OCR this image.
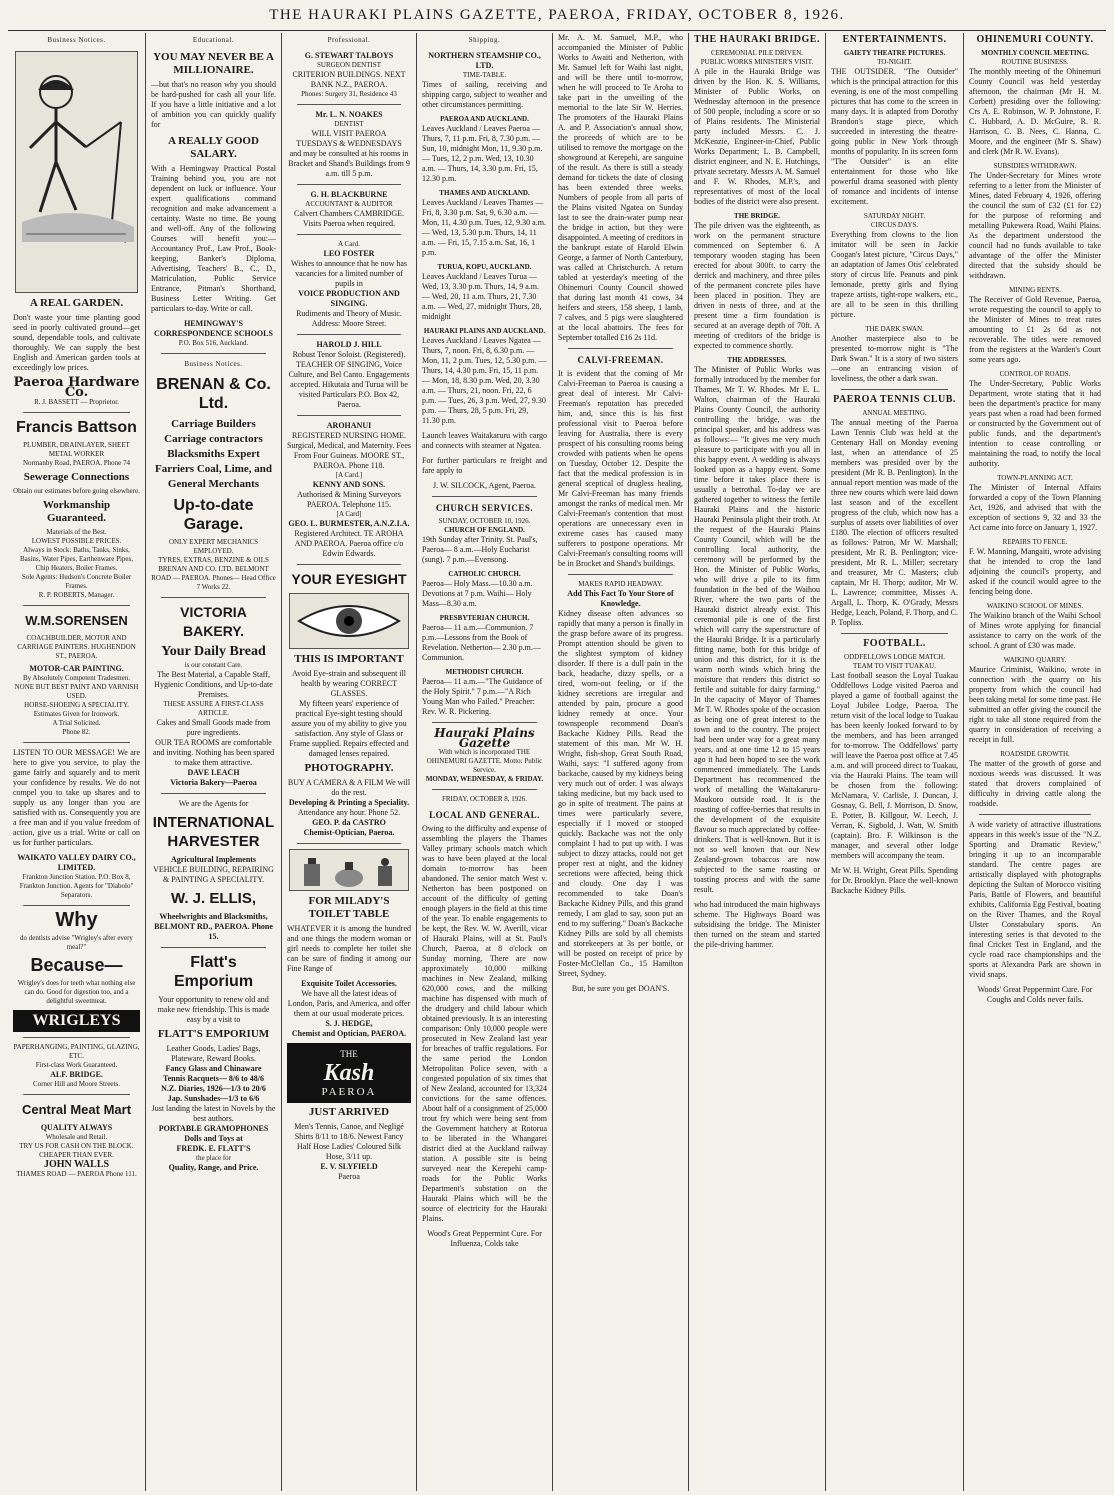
THE HAURAKI PLAINS GAZETTE, PAEROA, FRIDAY, OCTOBER 8, 1926.
Business Notices.
A REAL GARDEN.

Don't waste your time planting good seed in poorly cultivated ground—get sound, dependable tools, and cultivate thoroughly. We can supply the best English and American garden tools at exceedingly low prices.

Paeroa Hardware Co.
R. J. BASSETT — Proprietor.
Francis Battson
PLUMBER, DRAINLAYER, SHEET METAL WORKER
Normanby Road, PAEROA. Phone 74
Sewerage Connections
Obtain our estimates before going elsewhere.
Workmanship Guaranteed.
Materials of the Best.
LOWEST POSSIBLE PRICES.
Always in Stock: Baths, Tanks, Sinks, Basins, Water Pipes, Earthenware Pipes, Chip Heaters, Boiler Frames.
Sole Agents: Hudson's Concrete Boiler Frames.
R. P. ROBERTS, Manager.
W.M.SORENSEN
COACHBUILDER, MOTOR AND CARRIAGE PAINTERS. HUGHENDON ST., PAEROA.
MOTOR-CAR PAINTING.
By Absolutely Competent Tradesmen.
NONE BUT BEST PAINT AND VARNISH USED.
HORSE-SHOEING A SPECIALITY.
Estimates Given for Ironwork.
A Trial Solicited.
Phone 82.

LISTEN TO OUR MESSAGE! We are here to give you service, to play the game fairly and squarely and to merit your confidence by results. We do not compel you to take up shares and to supply us any longer than you are satisfied with us. Consequently you are a free man and if you value freedom of action, give us a trial. Write or call on us for further particulars.

WAIKATO VALLEY DAIRY CO., LIMITED.
Frankton Junction Station. P.O. Box 8, Frankton Junction. Agents for "Diabolo" Separators.
Why
do dentists advise "Wrigley's after every meal?"
Because—
Wrigley's does for teeth what nothing else can do. Good for digestion too, and a delightful sweetmeat.
WRIGLEYS
PAPERHANGING, PAINTING, GLAZING, ETC.
First-class Work Guaranteed.
ALF. BRIDGE.
Corner Hill and Moore Streets.
Central Meat Mart
QUALITY ALWAYS
Wholesale and Retail.
TRY US FOR CASH ON THE BLOCK. CHEAPER THAN EVER.
JOHN WALLS
THAMES ROAD — PAEROA Phone 111.
Educational.
YOU MAY NEVER BE A MILLIONAIRE.

—but that's no reason why you should be hard-pushed for cash all your life. If you have a little initiative and a lot of ambition you can quickly qualify for

A REALLY GOOD SALARY.

With a Hemingway Practical Postal Training behind you, you are not dependent on luck or influence. Your expert qualifications command recognition and make advancement a certainty. Waste no time. Be young and well-off. Any of the following Courses will benefit you:— Accountancy Prof., Law Prof., Book-keeping, Banker's Diploma, Advertising, Teachers' B., C., D., Matriculation, Public Service Entrance, Pitman's Shorthand, Business Letter Writing. Get particulars to-day. Write or call.

HEMINGWAY'S CORRESPONDENCE SCHOOLS
P.O. Box 516, Auckland.
Business Notices.
BRENAN & Co. Ltd.
Carriage Builders Carriage contractors Blacksmiths Expert Farriers Coal, Lime, and General Merchants
Up-to-date Garage.
ONLY EXPERT MECHANICS EMPLOYED.
TYRES, EXTRAS, BENZINE & OILS
BRENAN AND CO. LTD. BELMONT ROAD — PAEROA. Phones— Head Office 7 Works 22.
VICTORIA BAKERY.
Your Daily Bread
is our constant Care.
The Best Material, a Capable Staff, Hygienic Conditions, and Up-to-date Premises.
THESE ASSURE A FIRST-CLASS ARTICLE.
Cakes and Small Goods made from pure ingredients.
OUR TEA ROOMS are comfortable and inviting. Nothing has been spared to make them attractive.
DAVE LEACH
Victoria Bakery—Paeroa
We are the Agents for
INTERNATIONAL HARVESTER
Agricultural Implements
VEHICLE BUILDING, REPAIRING & PAINTING A SPECIALITY.
W. J. ELLIS,
Wheelwrights and Blacksmiths,
BELMONT RD., PAEROA. Phone 15.
Flatt's Emporium
Your opportunity to renew old and make new friendship. This is made easy by a visit to
FLATT'S EMPORIUM
Leather Goods, Ladies' Bags, Plateware, Reward Books.
Fancy Glass and Chinaware
Tennis Racquets— 8/6 to 48/6
N.Z. Diaries, 1926—1/3 to 20/6
Jap. Sunshades—1/3 to 6/6
Just landing the latest in Novels by the best authors.
PORTABLE GRAMOPHONES
Dolls and Toys at
FREDK. E. FLATT'S
the place for
Quality, Range, and Price.
Professional.
G. STEWART TALBOYS
SURGEON DENTIST
CRITERION BUILDINGS. NEXT BANK N.Z., PAEROA.
Phones: Surgery 31, Residence 43
Mr. L. N. NOAKES
DENTIST
WILL VISIT PAEROA
TUESDAYS & WEDNESDAYS
and may be consulted at his rooms in Bracket and Shand's Buildings from 9 a.m. till 5 p.m.
G. H. BLACKBURNE
ACCOUNTANT & AUDITOR
Calvert Chambers CAMBRIDGE. Visits Paeroa when required.
A Card.
LEO FOSTER
Wishes to announce that he now has vacancies for a limited number of pupils in
VOICE PRODUCTION AND SINGING.
Rudiments and Theory of Music.
Address: Moore Street.
HAROLD J. HILL
Robust Tenor Soloist. (Registered). TEACHER OF SINGING, Voice Culture, and Bel Canto. Engagements accepted. Hikutaia and Turua will be visited Particulars P.O. Box 42, Paeroa.
AROHANUI
REGISTERED NURSING HOME. Surgical, Medical, and Maternity. Fees From Four Guineas. MOORE ST., PAEROA. Phone 118.
[A Card.]
KENNY AND SONS.
Authorised & Mining Surveyors PAEROA. Telephone 115.
[A Card]
GEO. L. BURMESTER, A.N.Z.I.A.
Registered Architect. TE AROHA AND PAEROA. Paeroa office c/o Edwin Edwards.
YOUR EYESIGHT
THIS IS IMPORTANT
Avoid Eye-strain and subsequent ill health by wearing CORRECT GLASSES.
My fifteen years' experience of practical Eye-sight testing should assure you of my ability to give you satisfaction. Any style of Glass or Frame supplied. Repairs effected and damaged lenses repaired.
PHOTOGRAPHY.
BUY A CAMERA & A FILM We will do the rest.
Developing & Printing a Speciality.
Attendance any hour. Phone 52.
GEO. P. da CASTRO
Chemist-Optician, Paeroa.
FOR MILADY'S TOILET TABLE

WHATEVER it is among the hundred and one things the modern woman or girl needs to complete her toilet she can be sure of finding it among our Fine Range of

Exquisite Toilet Accessories.
We have all the latest ideas of London, Paris, and America, and offer them at our usual moderate prices.
S. J. HEDGE,
Chemist and Optician, PAEROA.
THE
Kash
PAEROA
JUST ARRIVED
Men's Tennis, Canoe, and Negligé Shirts 8/11 to 18/6. Newest Fancy Half Hose Ladies' Coloured Silk Hose, 3/11 up.
E. V. SLYFIELD
Paeroa
Shipping.
NORTHERN STEAMSHIP CO., LTD.
TIME-TABLE.

Times of sailing, receiving and shipping cargo, subject to weather and other circumstances permitting.

PAEROA AND AUCKLAND.

Leaves Auckland / Leaves Paeroa — Thurs, 7, 11 p.m. Fri, 8, 7.30 p.m. — Sun, 10, midnight Mon, 11, 9.30 p.m. — Tues, 12, 2 p.m. Wed, 13, 10.30 a.m. — Thurs, 14, 3.30 p.m. Fri, 15, 12.30 p.m.

THAMES AND AUCKLAND.

Leaves Auckland / Leaves Thames — Fri, 8, 3.30 p.m. Sat, 9, 6.30 a.m. — Mon, 11, 4.30 p.m. Tues, 12, 9.30 a.m. — Wed, 13, 5.30 p.m. Thurs, 14, 11 a.m. — Fri, 15, 7.15 a.m. Sat, 16, 1 p.m.

TURUA, KOPU, AUCKLAND.

Leaves Auckland / Leaves Turua — Wed, 13, 3.30 p.m. Thurs, 14, 9 a.m. — Wed, 20, 11 a.m. Thurs, 21, 7.30 a.m. — Wed, 27, midnight Thurs, 28, midnight

HAURAKI PLAINS AND AUCKLAND.

Leaves Auckland / Leaves Ngatea — Thurs, 7, noon. Fri, 8, 6.30 p.m. — Mon, 11, 2 p.m. Tues, 12, 5.30 p.m. — Thurs, 14, 4.30 p.m. Fri, 15, 11 p.m. — Mon, 18, 8.30 p.m. Wed, 20, 3.30 a.m. — Thurs, 21, noon. Fri, 22, 6 p.m. — Tues, 26, 3 p.m. Wed, 27, 9.30 p.m. — Thurs, 28, 5 p.m. Fri, 29, 11.30 p.m.

Launch leaves Waitakaruru with cargo and connects with steamer at Ngatea.

For further particulars re freight and fare apply to

J. W. SILCOCK, Agent, Paeroa.
CHURCH SERVICES.
SUNDAY, OCTOBER 10, 1926.
CHURCH OF ENGLAND.

19th Sunday after Trinity. St. Paul's, Paeroa— 8 a.m.—Holy Eucharist (sung). 7 p.m.—Evensong.

CATHOLIC CHURCH.

Paeroa— Holy Mass.—10.30 a.m. Devotions at 7 p.m. Waihi— Holy Mass—8.30 a.m.

PRESBYTERIAN CHURCH.

Paeroa— 11 a.m.—Communion. 7 p.m.—Lessons from the Book of Revelation. Netherton— 2.30 p.m.—Communion.

METHODIST CHURCH.

Paeroa— 11 a.m.—"The Guidance of the Holy Spirit." 7 p.m.—"A Rich Young Man who Failed." Preacher: Rev. W. R. Pickering.

Hauraki Plains Gazette
With which is incorporated THE OHINEMURI GAZETTE. Motto: Public Service.
MONDAY, WEDNESDAY, & FRIDAY.
FRIDAY, OCTOBER 8, 1926.
LOCAL AND GENERAL.

Owing to the difficulty and expense of assembling the players the Thames Valley primary schools match which was to have been played at the local domain to-morrow has been abandoned. The senior match West v. Netherton has been postponed on account of the difficulty of getting enough players in the field at this time of the year. To enable engagements to be kept, the Rev. W. W. Averill, vicar of Hauraki Plains, will at St. Paul's Church, Paeroa, at 8 o'clock on Sunday morning. There are now approximately 10,000 milking machines in New Zealand, milking 620,000 cows, and the milking machine has dispensed with much of the drudgery and child labour which obtained previously. It is an interesting comparison: Only 10,000 people were prosecuted in New Zealand last year for breaches of traffic regulations. For the same period the London Metropolitan Police seven, with a congested population of six times that of New Zealand, accounted for 13,324 convictions for the same offences. About half of a consignment of 25,000 trout fry which were being sent from the Government hatchery at Rotorua to be liberated in the Whangarei district died at the Auckland railway station. A possible site is being surveyed near the Kerepehi camp-roads for the Public Works Department's substation on the Hauraki Plains which will be the source of electricity for the Hauraki Plains.

Wood's Great Peppermint Cure. For Influenza, Colds take

Mr. A. M. Samuel, M.P., who accompanied the Minister of Public Works to Awaiti and Netherton, with Mr. Samuel left for Waihi last night, and will be there until to-morrow, when he will proceed to Te Aroha to take part in the unveiling of the memorial to the late Sir W. Herries. The promoters of the Hauraki Plains A. and P. Association's annual show, the proceeds of which are to be utilised to remove the mortgage on the showground at Kerepehi, are sanguine of the result. As there is still a steady demand for tickets the date of closing has been extended three weeks. Numbers of people from all parts of the Plains visited Ngatea on Sunday last to see the drain-water pump near the bridge in action, but they were disappointed. A meeting of creditors in the bankrupt estate of Harold Elwin George, a farmer of North Canterbury, was called at Christchurch. A return tabled at yesterday's meeting of the Ohinemuri County Council showed that during last month 41 cows, 34 heifers and steers, 158 sheep, 1 lamb, 7 calves, and 5 pigs were slaughtered at the local abattoirs. The fees for September totalled £16 2s 11d.

CALVI-FREEMAN.

It is evident that the coming of Mr Calvi-Freeman to Paeroa is causing a great deal of interest. Mr Calvi-Freeman's reputation has preceded him, and, since this is his first professional visit to Paeroa before leaving for Australia, there is every prospect of his consulting rooms being crowded with patients when he opens on Tuesday, October 12. Despite the fact that the medical profession is in general sceptical of drugless healing, Mr Calvi-Freeman has many friends amongst the ranks of medical men. Mr Calvi-Freeman's contention that most operations are unnecessary even in extreme cases has caused many sufferers to postpone operations. Mr Calvi-Freeman's consulting rooms will be in Brocket and Shand's buildings.

MAKES RAPID HEADWAY.
Add This Fact To Your Store of Knowledge.

Kidney disease often advances so rapidly that many a person is finally in the grasp before aware of its progress. Prompt attention should be given to the slightest symptom of kidney disorder. If there is a dull pain in the back, headache, dizzy spells, or a tired, worn-out feeling, or if the kidney secretions are irregular and attended by pain, procure a good kidney remedy at once. Your townspeople recommend Doan's Backache Kidney Pills. Read the statement of this man. Mr W. H. Wright, fish-shop, Great South Road, Waihi, says: "I suffered agony from backache, caused by my kidneys being very much out of order. I was always taking medicine, but my back used to go in spite of treatment. The pains at times were particularly severe, especially if I moved or stooped quickly. Backache was not the only complaint I had to put up with. I was subject to dizzy attacks, could not get proper rest at night, and the kidney secretions were affected, being thick and cloudy. One day I was recommended to take Doan's Backache Kidney Pills, and this grand remedy, I am glad to say, soon put an end to my suffering." Doan's Backache Kidney Pills are sold by all chemists and storekeepers at 3s per bottle, or will be posted on receipt of price by Foster-McClellan Co., 15 Hamilton Street, Sydney.

But, be sure you get DOAN'S.
THE HAURAKI BRIDGE.
CEREMONIAL PILE DRIVEN.
PUBLIC WORKS MINISTER'S VISIT.

A pile in the Hauraki Bridge was driven by the Hon. K. S. Williams, Minister of Public Works, on Wednesday afternoon in the presence of 500 people, including a score or so of Plains residents. The Ministerial party included Messrs. C. J. McKenzie, Engineer-in-Chief, Public Works Department; L. B. Campbell, district engineer, and N. E. Hutchings, private secretary. Messrs A. M. Samuel and F. W. Rhodes, M.P.'s, and representatives of most of the local bodies of the district were also present.

THE BRIDGE.

The pile driven was the eighteenth, as work on the permanent structure commenced on September 6. A temporary wooden staging has been erected for about 300ft. to carry the derrick and machinery, and three piles of the permanent concrete piles have been placed in position. They are driven in nests of three, and at the present time a firm foundation is secured at an average depth of 70ft. A meeting of creditors of the bridge is expected to commence shortly.

THE ADDRESSES.

The Minister of Public Works was formally introduced by the member for Thames, Mr T. W. Rhodes. Mr E. L. Walton, chairman of the Hauraki Plains County Council, the authority controlling the bridge, was the principal speaker, and his address was as follows:— "It gives me very much pleasure to participate with you all in this happy event. A wedding is always looked upon as a happy event. Some time before it takes place there is usually a betrothal. To-day we are gathered together to witness the fertile Hauraki Plains and the historic Hauraki Peninsula plight their troth. At the request of the Hauraki Plains County Council, which will be the controlling local authority, the ceremony will be performed by the Hon. the Minister of Public Works, who will drive a pile to its firm foundation in the bed of the Waihou River, where the two parts of the Hauraki district already exist. This ceremonial pile is one of the first which will carry the superstructure of the Hauraki Bridge. It is a particularly fitting name, both for this bridge of union and this district, for it is the warm north winds which bring the moisture that renders this district so fertile and suitable for dairy farming." In the capacity of Mayor of Thames Mr T. W. Rhodes spoke of the occasion as being one of great interest to the town and to the country. The project had been under way for a great many years, and at one time 12 to 15 years ago it had been hoped to see the work commenced immediately. The Lands Department has recommenced the work of metalling the Waitakaruru-Maukoro outside road. It is the roasting of coffee-berries that results in the development of the exquisite flavour so much appreciated by coffee-drinkers. That is well-known. But it is not so well known that our New Zealand-grown tobaccos are now subjected to the same roasting or toasting process and with the same result.

who had introduced the main highways scheme. The Highways Board was subsidising the bridge. The Minister then turned on the steam and started the pile-driving hammer.

ENTERTAINMENTS.
GAIETY THEATRE PICTURES.
TO-NIGHT.

THE OUTSIDER. "The Outsider" which is the principal attraction for this evening, is one of the most compelling pictures that has come to the screen in many days. It is adapted from Dorothy Brandon's stage piece, which succeeded in interesting the theatre-going public in New York through months of popularity. In its screen form "The Outsider" is an elite entertainment for those who like powerful drama seasoned with plenty of romance and incidents of intense excitement.

SATURDAY NIGHT.
CIRCUS DAYS.

Everything from clowns to the lion imitator will be seen in Jackie Coogan's latest picture, "Circus Days," an adaptation of James Otis' celebrated story of circus life. Peanuts and pink lemonade, pretty girls and flying trapeze artists, tight-rope walkers, etc., are all to be seen in this thrilling picture.

THE DARK SWAN.

Another masterpiece also to be presented to-morrow night is "The Dark Swan." It is a story of two sisters—one an entrancing vision of loveliness, the other a dark swan.

PAEROA TENNIS CLUB.
ANNUAL MEETING.

The annual meeting of the Paeroa Lawn Tennis Club was held at the Centenary Hall on Monday evening last, when an attendance of 25 members was presided over by the president (Mr R. B. Penlington). In the annual report mention was made of the three new courts which were laid down last season and of the excellent progress of the club, which now has a surplus of assets over liabilities of over £180. The election of officers resulted as follows: Patron, Mr W. Marshall; president, Mr R. B. Penlington; vice-president, Mr R. L. Miller; secretary and treasurer, Mr C. Masters; club captain, Mr H. Thorp; auditor, Mr W. L. Lawrence; committee, Misses A. Argall, L. Thorp, K. O'Grady, Messrs Hedge, Leach, Poland, F. Thorp, and C. P. Topliss.

FOOTBALL.
ODDFELLOWS LODGE MATCH.
TEAM TO VISIT TUAKAU.

Last football season the Loyal Tuakau Oddfellows Lodge visited Paeroa and played a game of football against the Loyal Jubilee Lodge, Paeroa. The return visit of the local lodge to Tuakau has been keenly looked forward to by the members, and has been arranged for to-morrow. The Oddfellows' party will leave the Paeroa post office at 7.45 a.m. and will proceed direct to Tuakau, via the Hauraki Plains. The team will be chosen from the following: McNamara, V. Carlisle, J. Duncan, J. Gosnay, G. Bell, J. Morrison, D. Snow, E. Potter, B. Killgour, W. Leech, J. Verran, K. Sigbold, J. Watt, W. Smith (captain). Bro. F. Wilkinson is the manager, and several other lodge members will accompany the team.

Mr W. H. Wright, Great Pills. Spending for Dr. Brooklyn. Place the well-known Backache Kidney Pills.

OHINEMURI COUNTY.
MONTHLY COUNCIL MEETING.
ROUTINE BUSINESS.

The monthly meeting of the Ohinemuri County Council was held yesterday afternoon, the chairman (Mr H. M. Corbett) presiding over the following: Crs A. E. Robinson, W. P. Johnstone, F. C. Hubbard, A. D. McGuire, R. R. Harrison, C. B. Nees, C. Hanna, C. Moore, and the engineer (Mr S. Shaw) and clerk (Mr R. W. Evans).

SUBSIDIES WITHDRAWN.

The Under-Secretary for Mines wrote referring to a letter from the Minister of Mines, dated February 4, 1926, offering the council the sum of £32 (£1 for £2) for the purpose of reforming and metalling Pukewera Road, Waihi Plains. As the department understood the council had no funds available to take advantage of the offer the Minister directed that the subsidy should be withdrawn.

MINING RENTS.

The Receiver of Gold Revenue, Paeroa, wrote requesting the council to apply to the Minister of Mines to treat rates amounting to £1 2s 6d as not recoverable. The titles were removed from the registers at the Warden's Court some years ago.

CONTROL OF ROADS.

The Under-Secretary, Public Works Department, wrote stating that it had been the department's practice for many years past when a road had been formed or constructed by the Government out of public funds, and the department's intention to cease controlling or maintaining the road, to notify the local authority.

TOWN-PLANNING ACT.

The Minister of Internal Affairs forwarded a copy of the Town Planning Act, 1926, and advised that with the exception of sections 9, 32 and 33 the Act came into force on January 1, 1927.

REPAIRS TO FENCE.

F. W. Manning, Mangaiti, wrote advising that he intended to crop the land adjoining the council's property, and asked if the council would agree to the fencing being done.

WAIKINO SCHOOL OF MINES.

The Waikino branch of the Waihi School of Mines wrote applying for financial assistance to carry on the work of the school. A grant of £30 was made.

WAIKINO QUARRY.

Maurice Criminist, Waikino, wrote in connection with the quarry on his property from which the council had been taking metal for some time past. He submitted an offer giving the council the right to take all stone required from the quarry in consideration of receiving a receipt in full.

ROADSIDE GROWTH.

The matter of the growth of gorse and noxious weeds was discussed. It was stated that drovers complained of difficulty in driving cattle along the roadside.

A wide variety of attractive illustrations appears in this week's issue of the "N.Z. Sporting and Dramatic Review," bringing it up to an incomparable standard. The centre pages are artistically displayed with photographs depicting the Sultan of Morocco visiting Paris, Battle of Flowers, and beautiful exhibits, California Egg Festival, boating on the River Thames, and the Royal Ulster Constabulary sports. An interesting series is that devoted to the final Cricket Test in England, and the cycle road race championships and the sports at Alexandra Park are shown in vivid snaps.

Woods' Great Peppermint Cure. For Coughs and Colds never fails.
